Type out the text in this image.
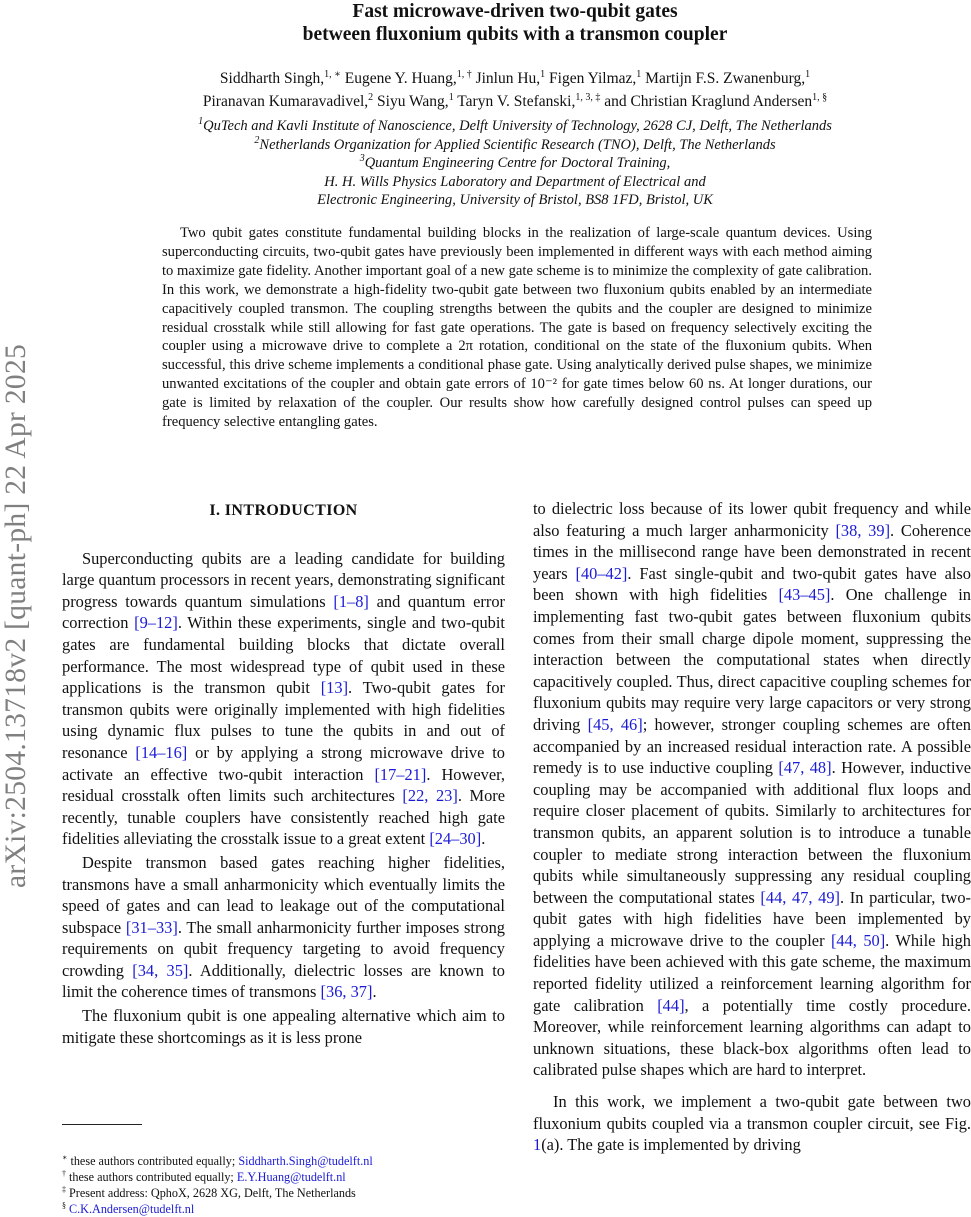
arXiv:2504.13718v2 [quant-ph] 22 Apr 2025
Fast microwave-driven two-qubit gates
between fluxonium qubits with a transmon coupler
Siddharth Singh,$^{1, ∗}$ Eugene Y. Huang,$^{1, \dagger}$ Jinlun Hu,$^1$ Figen Yilmaz,$^1$ Martijn F.S. Zwanenburg,$^1$
Piranavan Kumaravadivel,$^2$ Siyu Wang,$^1$ Taryn V. Stefanski,$^{1, 3, \ddagger}$ and Christian Kraglund Andersen$^{1, \S}$
$^1$QuTech and Kavli Institute of Nanoscience, Delft University of Technology, 2628 CJ, Delft, The Netherlands
$^2$Netherlands Organization for Applied Scientific Research (TNO), Delft, The Netherlands
$^3$Quantum Engineering Centre for Doctoral Training,
H. H. Wills Physics Laboratory and Department of Electrical and
Electronic Engineering, University of Bristol, BS8 1FD, Bristol, UK
Two qubit gates constitute fundamental building blocks in the realization of large-scale quantum devices. Using superconducting circuits, two-qubit gates have previously been implemented in different ways with each method aiming to maximize gate fidelity. Another important goal of a new gate scheme is to minimize the complexity of gate calibration. In this work, we demonstrate a high-fidelity two-qubit gate between two fluxonium qubits enabled by an intermediate capacitively coupled transmon. The coupling strengths between the qubits and the coupler are designed to minimize residual crosstalk while still allowing for fast gate operations. The gate is based on frequency selectively exciting the coupler using a microwave drive to complete a 2π rotation, conditional on the state of the fluxonium qubits. When successful, this drive scheme implements a conditional phase gate. Using analytically derived pulse shapes, we minimize unwanted excitations of the coupler and obtain gate errors of 10⁻² for gate times below 60 ns. At longer durations, our gate is limited by relaxation of the coupler. Our results show how carefully designed control pulses can speed up frequency selective entangling gates.
I. INTRODUCTION

Superconducting qubits are a leading candidate for building large quantum processors in recent years, demonstrating significant progress towards quantum simulations [1–8] and quantum error correction [9–12]. Within these experiments, single and two-qubit gates are fundamental building blocks that dictate overall performance. The most widespread type of qubit used in these applications is the transmon qubit [13]. Two-qubit gates for transmon qubits were originally implemented with high fidelities using dynamic flux pulses to tune the qubits in and out of resonance [14–16] or by applying a strong microwave drive to activate an effective two-qubit interaction [17–21]. However, residual crosstalk often limits such architectures [22, 23]. More recently, tunable couplers have consistently reached high gate fidelities alleviating the crosstalk issue to a great extent [24–30].

Despite transmon based gates reaching higher fidelities, transmons have a small anharmonicity which eventually limits the speed of gates and can lead to leakage out of the computational subspace [31–33]. The small anharmonicity further imposes strong requirements on qubit frequency targeting to avoid frequency crowding [34, 35]. Additionally, dielectric losses are known to limit the coherence times of transmons [36, 37].

The fluxonium qubit is one appealing alternative which aim to mitigate these shortcomings as it is less prone

to dielectric loss because of its lower qubit frequency and while also featuring a much larger anharmonicity [38, 39]. Coherence times in the millisecond range have been demonstrated in recent years [40–42]. Fast single-qubit and two-qubit gates have also been shown with high fidelities [43–45]. One challenge in implementing fast two-qubit gates between fluxonium qubits comes from their small charge dipole moment, suppressing the interaction between the computational states when directly capacitively coupled. Thus, direct capacitive coupling schemes for fluxonium qubits may require very large capacitors or very strong driving [45, 46]; however, stronger coupling schemes are often accompanied by an increased residual interaction rate. A possible remedy is to use inductive coupling [47, 48]. However, inductive coupling may be accompanied with additional flux loops and require closer placement of qubits. Similarly to architectures for transmon qubits, an apparent solution is to introduce a tunable coupler to mediate strong interaction between the fluxonium qubits while simultaneously suppressing any residual coupling between the computational states [44, 47, 49]. In particular, two-qubit gates with high fidelities have been implemented by applying a microwave drive to the coupler [44, 50]. While high fidelities have been achieved with this gate scheme, the maximum reported fidelity utilized a reinforcement learning algorithm for gate calibration [44], a potentially time costly procedure. Moreover, while reinforcement learning algorithms can adapt to unknown situations, these black-box algorithms often lead to calibrated pulse shapes which are hard to interpret.

In this work, we implement a two-qubit gate between two fluxonium qubits coupled via a transmon coupler circuit, see Fig. 1(a). The gate is implemented by driving

∗ these authors contributed equally; Siddharth.Singh@tudelft.nl
† these authors contributed equally; E.Y.Huang@tudelft.nl
‡ Present address: QphoX, 2628 XG, Delft, The Netherlands
§ C.K.Andersen@tudelft.nl
